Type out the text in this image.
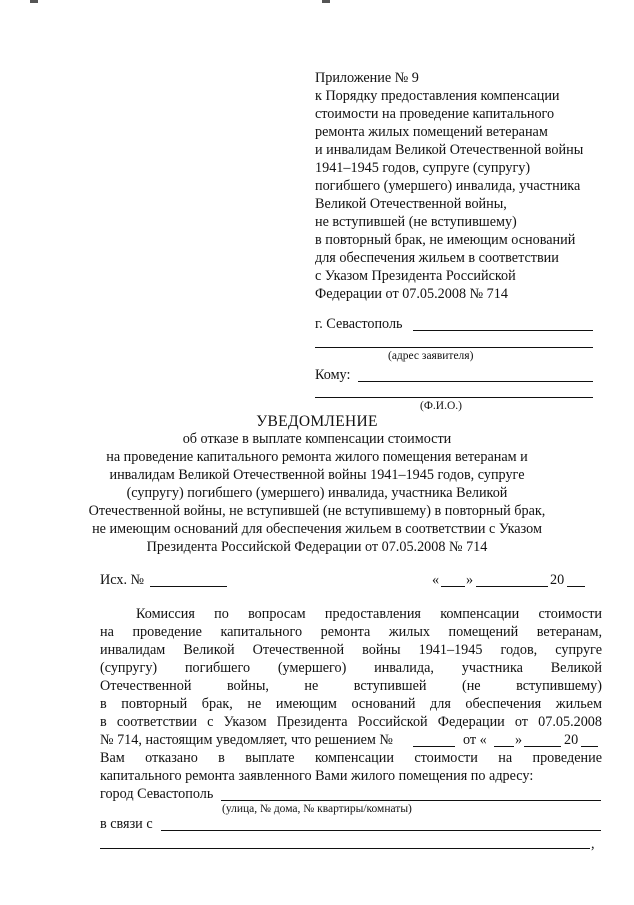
Приложение № 9
к Порядку предоставления компенсации
стоимости на проведение капитального
ремонта жилых помещений ветеранам
и инвалидам Великой Отечественной войны
1941–1945 годов, супруге (супругу)
погибшего (умершего) инвалида, участника
Великой Отечественной войны,
не вступившей (не вступившему)
в повторный брак, не имеющим оснований
для обеспечения жильем в соответствии
с Указом Президента Российской
Федерации от 07.05.2008 № 714
г. Севастополь
(адрес заявителя)
Кому:
(Ф.И.О.)
УВЕДОМЛЕНИЕ
об отказе в выплате компенсации стоимости
на проведение капитального ремонта жилого помещения ветеранам и
инвалидам Великой Отечественной войны 1941–1945 годов, супруге
(супругу) погибшего (умершего) инвалида, участника Великой
Отечественной войны, не вступившей (не вступившему) в повторный брак,
не имеющим оснований для обеспечения жильем в соответствии с Указом
Президента Российской Федерации от 07.05.2008 № 714
Исх. №	« »	20
Комиссия по вопросам предоставления компенсации стоимости
на проведение капитального ремонта жилых помещений ветеранам,
инвалидам Великой Отечественной войны 1941–1945 годов, супруге
(супругу) погибшего (умершего) инвалида, участника Великой
Отечественной войны, не вступившей (не вступившему)
в повторный брак, не имеющим оснований для обеспечения жильем
в соответствии с Указом Президента Российской Федерации от 07.05.2008
№ 714, настоящим уведомляет, что решением №	от « »	20
Вам отказано в выплате компенсации стоимости на проведение
капитального ремонта заявленного Вами жилого помещения по адресу:
город Севастополь
(улица, № дома, № квартиры/комнаты)
в связи с
,
